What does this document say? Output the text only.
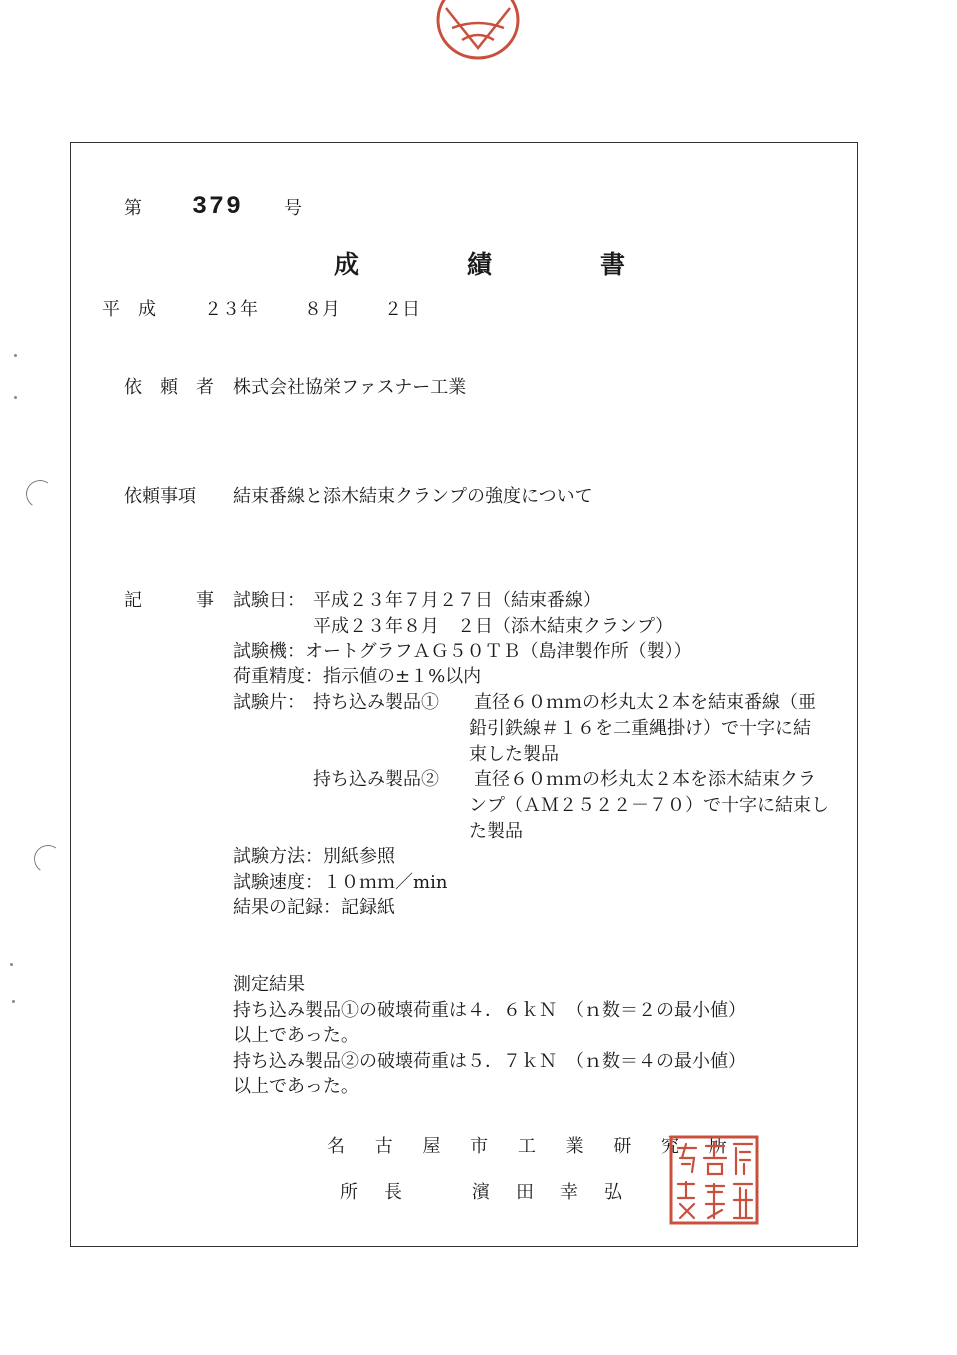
第 379 号
成	績	書
平　成	２３年	８月 ２日
依　頼　者 株式会社協栄ファスナー工業
依頼事項 結束番線と添木結束クランプの強度について
記　　　事 試験日： 平成２３年７月２７日（結束番線）
平成２３年８月　２日（添木結束クランプ）
試験機：オートグラフＡＧ５０ＴＢ（島津製作所（製））
荷重精度：指示値の±１%以内
試験片： 持ち込み製品① 直径６０ｍｍの杉丸太２本を結束番線（亜
鉛引鉄線＃１６を二重縄掛け）で十字に結
束した製品
持ち込み製品② 直径６０ｍｍの杉丸太２本を添木結束クラ
ンプ（ＡＭ２５２２－７０）で十字に結束し
た製品
試験方法：別紙参照
試験速度：１０ｍｍ／min
結果の記録：記録紙
測定結果
持ち込み製品①の破壊荷重は４．６ｋＮ　（ｎ数＝２の最小値）
以上であった。
持ち込み製品②の破壊荷重は５．７ｋＮ　（ｎ数＝４の最小値）
以上であった。
名 古 屋 市 工 業 研 究 所
所　長　　　濱　田　幸　弘
